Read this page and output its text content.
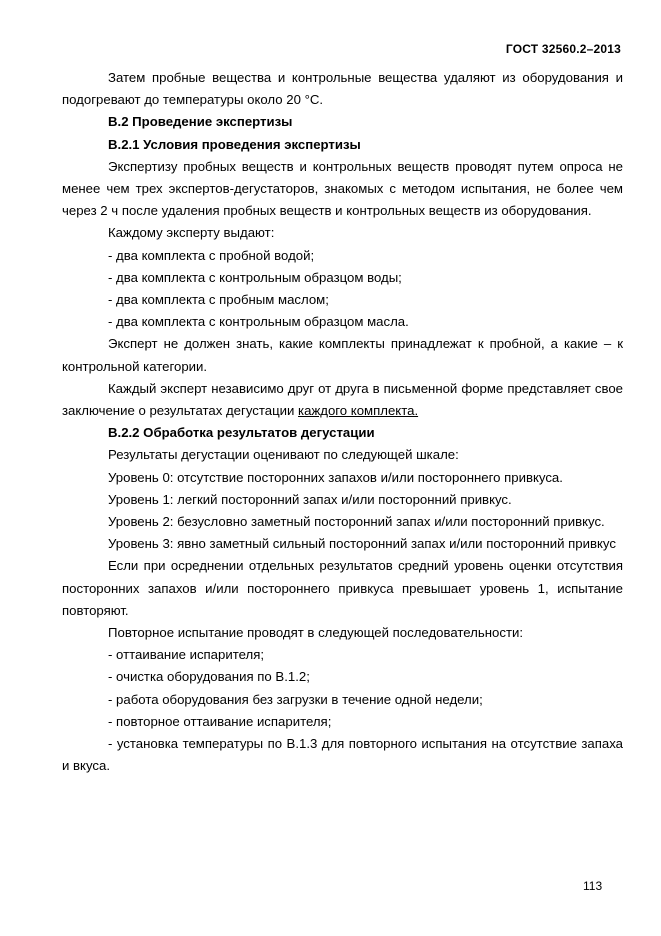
ГОСТ 32560.2–2013

Затем пробные вещества и контрольные вещества удаляют из оборудования и подогревают до температуры около 20 °С.

В.2 Проведение экспертизы

В.2.1 Условия проведения экспертизы

Экспертизу пробных веществ и контрольных веществ проводят путем опроса не менее чем трех экспертов-дегустаторов, знакомых с методом испытания, не более чем через 2 ч после удаления пробных веществ и контрольных веществ из оборудования.

Каждому эксперту выдают:

- два комплекта с пробной водой;

- два комплекта с контрольным образцом воды;

- два комплекта с пробным маслом;

- два комплекта с контрольным образцом масла.

Эксперт не должен знать, какие комплекты принадлежат к пробной, а какие – к контрольной категории.

Каждый эксперт независимо друг от друга в письменной форме представляет свое заключение о результатах дегустации каждого комплекта.

В.2.2 Обработка результатов дегустации

Результаты дегустации оценивают по следующей шкале:

Уровень 0: отсутствие посторонних запахов и/или постороннего привкуса.

Уровень 1: легкий посторонний запах и/или посторонний привкус.

Уровень 2: безусловно заметный посторонний запах и/или посторонний привкус.

Уровень 3: явно заметный сильный посторонний запах и/или посторонний привкус

Если при осреднении отдельных результатов средний уровень оценки отсутствия посторонних запахов и/или постороннего привкуса превышает уровень 1, испытание повторяют.

Повторное испытание проводят в следующей последовательности:

- оттаивание испарителя;

- очистка оборудования по В.1.2;

- работа оборудования без загрузки в течение одной недели;

- повторное оттаивание испарителя;

- установка температуры по В.1.3 для повторного испытания на отсутствие запаха и вкуса.

113
